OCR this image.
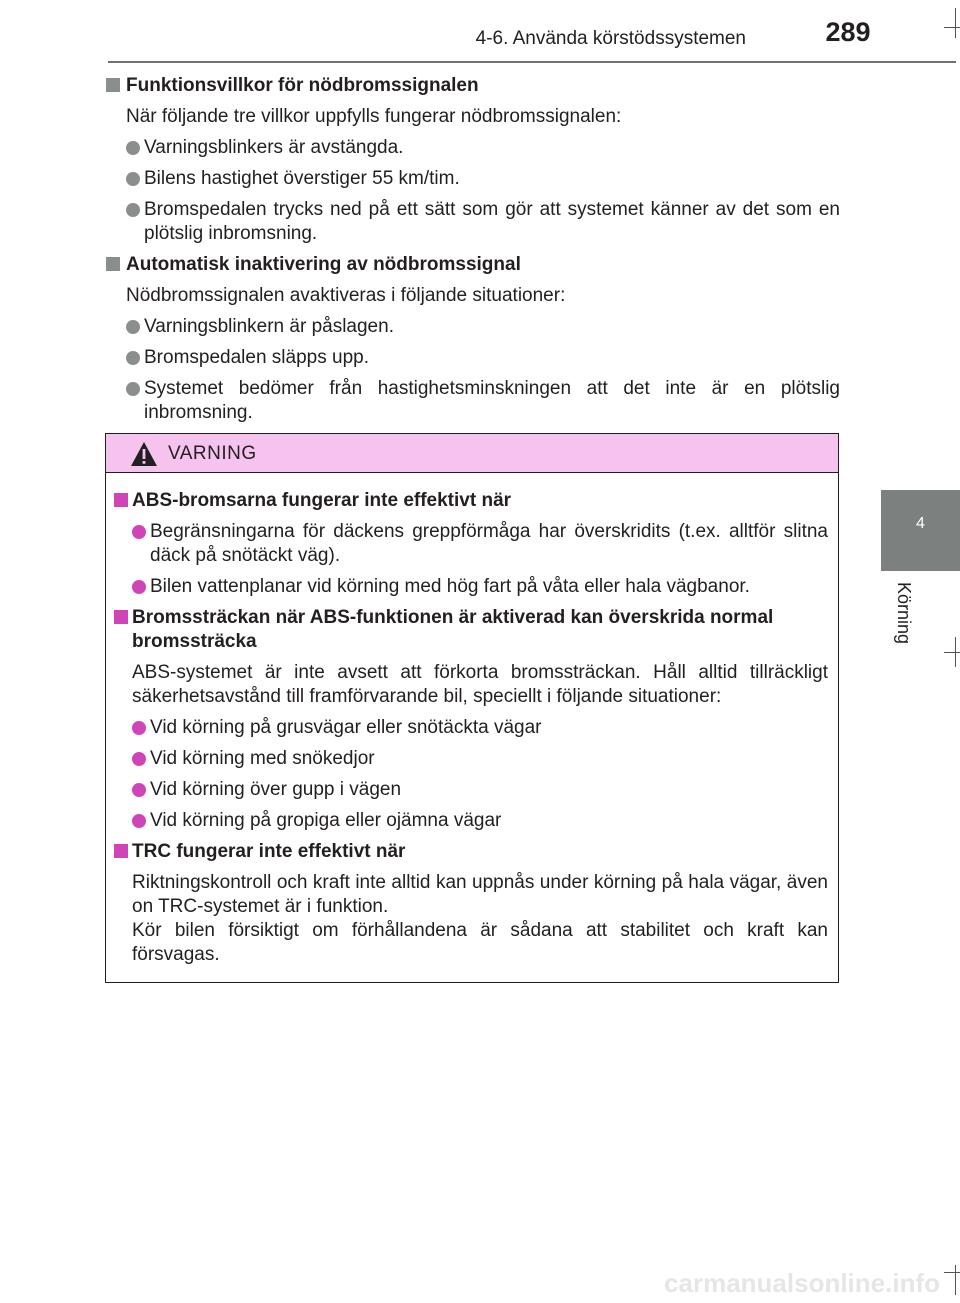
4-6. Använda körstödssystemen	289
4
Körning
Funktionsvillkor för nödbromssignalen
När följande tre villkor uppfylls fungerar nödbromssignalen:
Varningsblinkers är avstängda.
Bilens hastighet överstiger 55 km/tim.
Bromspedalen trycks ned på ett sätt som gör att systemet känner av det som en plötslig inbromsning.
Automatisk inaktivering av nödbromssignal
Nödbromssignalen avaktiveras i följande situationer:
Varningsblinkern är påslagen.
Bromspedalen släpps upp.
Systemet bedömer från hastighetsminskningen att det inte är en plötslig inbromsning.
VARNING
ABS-bromsarna fungerar inte effektivt när
Begränsningarna för däckens greppförmåga har överskridits (t.ex. alltför slitna däck på snötäckt väg).
Bilen vattenplanar vid körning med hög fart på våta eller hala vägbanor.
Bromssträckan när ABS-funktionen är aktiverad kan överskrida normal bromssträcka
ABS-systemet är inte avsett att förkorta bromssträckan. Håll alltid tillräckligt säkerhetsavstånd till framförvarande bil, speciellt i följande situationer:
Vid körning på grusvägar eller snötäckta vägar
Vid körning med snökedjor
Vid körning över gupp i vägen
Vid körning på gropiga eller ojämna vägar
TRC fungerar inte effektivt när
Riktningskontroll och kraft inte alltid kan uppnås under körning på hala vägar, även on TRC-systemet är i funktion.
Kör bilen försiktigt om förhållandena är sådana att stabilitet och kraft kan försvagas.
carmanualsonline.info
